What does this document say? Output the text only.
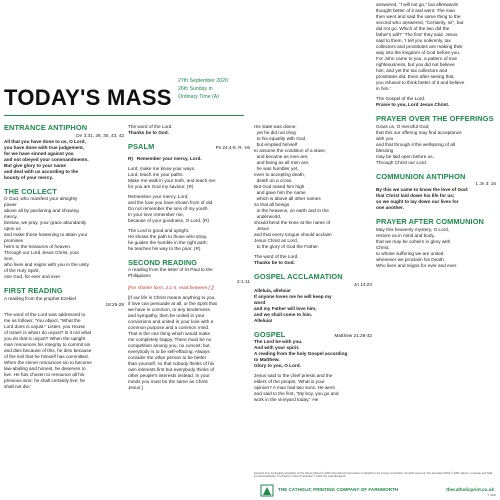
TODAY'S MASS

27th September 2020

26th Sunday in

Ordinary Time (A)

ENTRANCE ANTIPHON

Dn 3:31, 29, 30, 43, 42

All that you have done to us, O Lord,
you have done with true judgement,
for we have sinned against you
and not obeyed your commandments.
But give glory to your name
and deal with us according to the
bounty of your mercy.

THE COLLECT

O God, who manifest your almighty
power
above all by pardoning and showing
mercy,
bestow, we pray, your grace abundantly
upon us
and make those hastening to attain your
promises
heirs to the treasures of heaven.
Through our Lord Jesus Christ, your
Son,
who lives and reigns with you in the unity
of the Holy Spirit,
one God, for ever and ever.

FIRST READING

A reading from the prophet Ezekiel

18:25-28

The word of the Lord was addressed to
me as follows: 'You object, "What the
Lord does is unjust." Listen, you House
of Israel: is what I do unjust? Is it not what
you do that is unjust? When the upright
man renounces his integrity to commit sin
and dies because of this, he dies because
of the evil that he himself has committed.
When the sinner renounces sin to become
law-abiding and honest, he deserves to
live. He has chosen to renounce all his
previous sins; he shall certainly live; he
shall not die.'

The word of the Lord.

Thanks be to God.

PSALM	Ps 24:4-9. R. V6

R)   Remember your mercy, Lord.

Lord, make me know your ways.
Lord, teach me your paths.
Make me walk in your truth, and teach me:
for you are God my saviour. (R)

Remember your mercy, Lord,
and the love you have shown from of old.
Do not remember the sins of my youth.
In your love remember me,
because of your goodness, O Lord. (R)

The Lord is good and upright.
He shows the path to those who stray,
he guides the humble in the right path;
he teaches his way to the poor. (R)

SECOND READING

A reading from the letter of St Paul to the
Philippians

2:1-11

[For shorter form, 2:1-5, read between [ ]]

[If our life in Christ means anything to you,
if love can persuade at all, or the Spirit that
we have in common, or any tenderness
and sympathy, then be united in your
convictions and united in your love with a
common purpose and a common mind.
That is the one thing which would make
me completely happy. There must be no
competition among you, no conceit; but
everybody is to be self-effacing. Always
consider the other person to be better
than yourself, so that nobody thinks of his
own interests first but everybody thinks of
other people's interests instead. In your
minds you must be the same as Christ
Jesus:]

His state was divine,
yet he did not cling
to his equality with God
but emptied himself
to assume the condition of a slave,
and became as men are;
and being as all men are,
he was humbler yet,
even to accepting death,
death on a cross.
But God raised him high
and gave him the name
which is above all other names
so that all beings
in the heavens, on earth and in the
underworld,
should bend the knee at the name of
Jesus
and that every tongue should acclaim
Jesus Christ as Lord,
to the glory of God the Father.

The word of the Lord.

Thanks be to God.

GOSPEL ACCLAMATION

Jn 14:23

Alleluia, alleluia!
If anyone loves me he will keep my
word
and my Father will love him,
and we shall come to him.
Alleluia!

GOSPEL	Matthew 21:28-32

The Lord be with you.
And with your spirit.
A reading from the holy Gospel according
to Matthew.
Glory to you, O Lord.

Jesus said to the chief priests and the
elders of the people, 'What is your
opinion? A man had two sons. He went
and said to the first, "My boy, you go and
work in the vineyard today." He

answered, "I will not go," but afterwards
thought better of it and went. The man
then went and said the same thing to the
second who answered, "Certainly, sir", but
did not go. Which of the two did the
father's will?' 'The first' they said. Jesus
said to them, 'I tell you solemnly, tax
collectors and prostitutes are making their
way into the kingdom of God before you.
For John came to you, a pattern of true
righteousness, but you did not believe
him, and yet the tax collectors and
prostitutes did. Even after seeing that,
you refused to think better of it and believe
in him.'

The Gospel of the Lord.

Praise to you, Lord Jesus Christ.

PRAYER OVER THE OFFERINGS

Grant us, O merciful God,
that this our offering may find acceptance
with you
and that through it the wellspring of all
blessing
may be laid open before us.
Through Christ our Lord.

COMMUNION ANTIPHON

1 Jn 3: 16

By this we came to know the love of God:
that Christ laid down his life for us;
so we ought to lay down our lives for
one another.

PRAYER AFTER COMMUNION

May this heavenly mystery, O Lord,
restore us in mind and body,
that we may be coheirs in glory with
Christ,
to whose suffering we are united
whenever we proclaim his Death.
Who lives and reigns for ever and ever.

Excerpts from the English translation of The Roman Missal © 2010 International Commission on English in the Liturgy Corporation. All rights reserved. The Jerusalem Bible © 1966, Darton, Longman and Todd Ltd and Doubleday. The Psalms: A New Translation © 1963 The Grail (England).

THE CATHOLIC PRINTING COMPANY OF FARNWORTH	thecatholicprint.co.uk
© 2020
